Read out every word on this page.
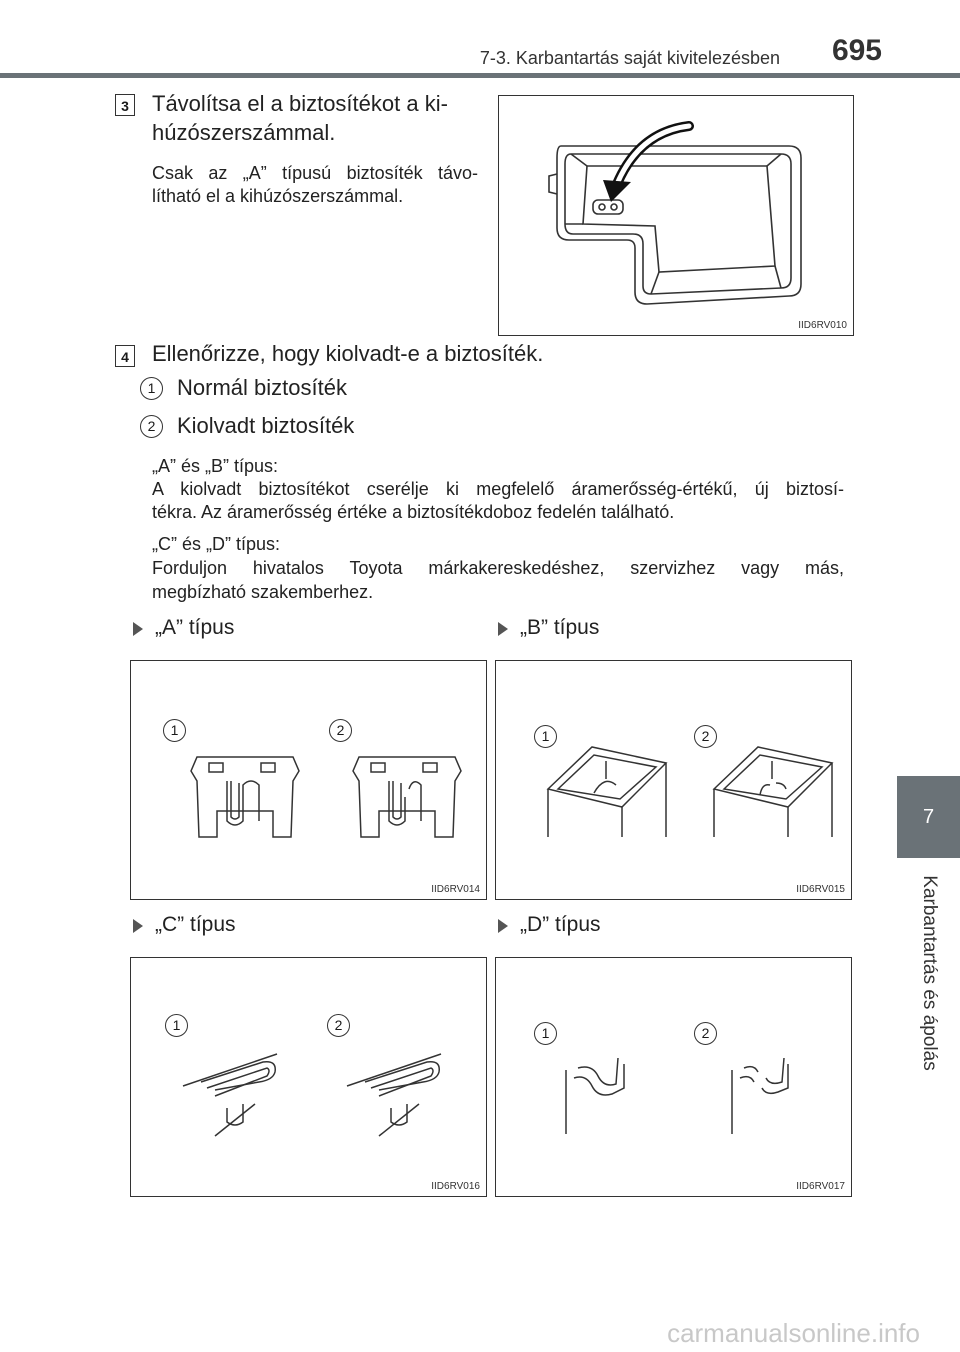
7-3. Karbantartás saját kivitelezésben 695
7
Karbantartás és ápolás
3 Távolítsa el a biztosítékot a ki-
húzószerszámmal.
Csak az „A” típusú biztosíték távo-
lítható el a kihúzószerszámmal.
IID6RV010
4 Ellenőrizze, hogy kiolvadt-e a biztosíték.
1 Normál biztosíték
2 Kiolvadt biztosíték
„A” és „B” típus:
A kiolvadt biztosítékot cserélje ki megfelelő áramerősség-értékű, új biztosí-
tékra. Az áramerősség értéke a biztosítékdoboz fedelén található.
„C” és „D” típus:
Forduljon hivatalos Toyota márkakereskedéshez, szervizhez vagy más,
megbízható szakemberhez.
„A” típus	„B” típus
„C” típus	„D” típus
1	2
IID6RV014
1	2
IID6RV015
1	2
IID6RV016
1	2
IID6RV017
carmanualsonline.info
